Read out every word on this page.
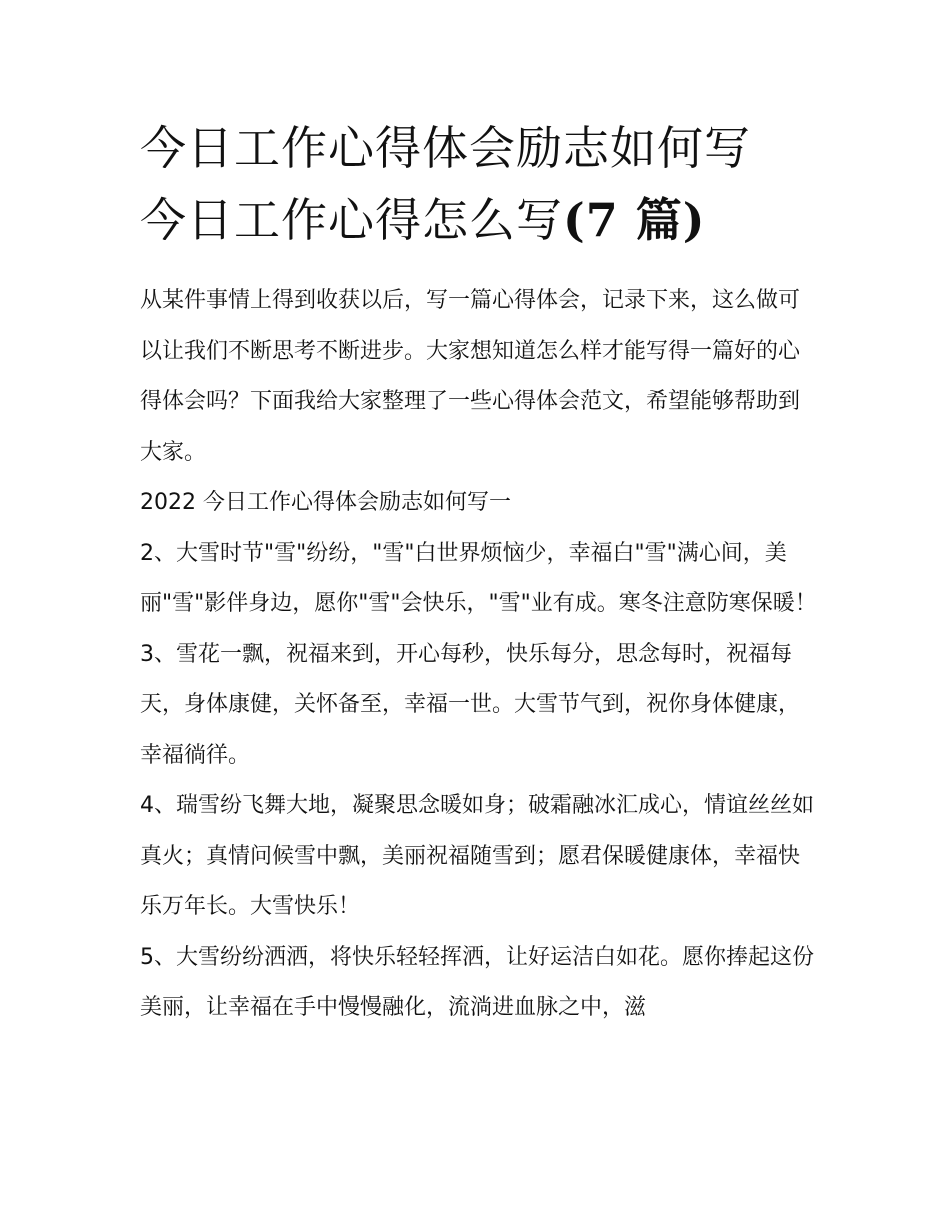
今日工作心得体会励志如何写
今日工作心得怎么写(7 篇)

从某件事情上得到收获以后，写一篇心得体会，记录下来，这么做可以让我们不断思考不断进步。大家想知道怎么样才能写得一篇好的心得体会吗？下面我给大家整理了一些心得体会范文，希望能够帮助到大家。

2022 今日工作心得体会励志如何写一

2、大雪时节"雪"纷纷，"雪"白世界烦恼少，幸福白"雪"满心间，美丽"雪"影伴身边，愿你"雪"会快乐，"雪"业有成。寒冬注意防寒保暖！

3、雪花一飘，祝福来到，开心每秒，快乐每分，思念每时，祝福每天，身体康健，关怀备至，幸福一世。大雪节气到，祝你身体健康，幸福徜徉。

4、瑞雪纷飞舞大地，凝聚思念暖如身；破霜融冰汇成心，情谊丝丝如真火；真情问候雪中飘，美丽祝福随雪到；愿君保暖健康体，幸福快乐万年长。大雪快乐！

5、大雪纷纷洒洒，将快乐轻轻挥洒，让好运洁白如花。愿你捧起这份美丽，让幸福在手中慢慢融化，流淌进血脉之中，滋
